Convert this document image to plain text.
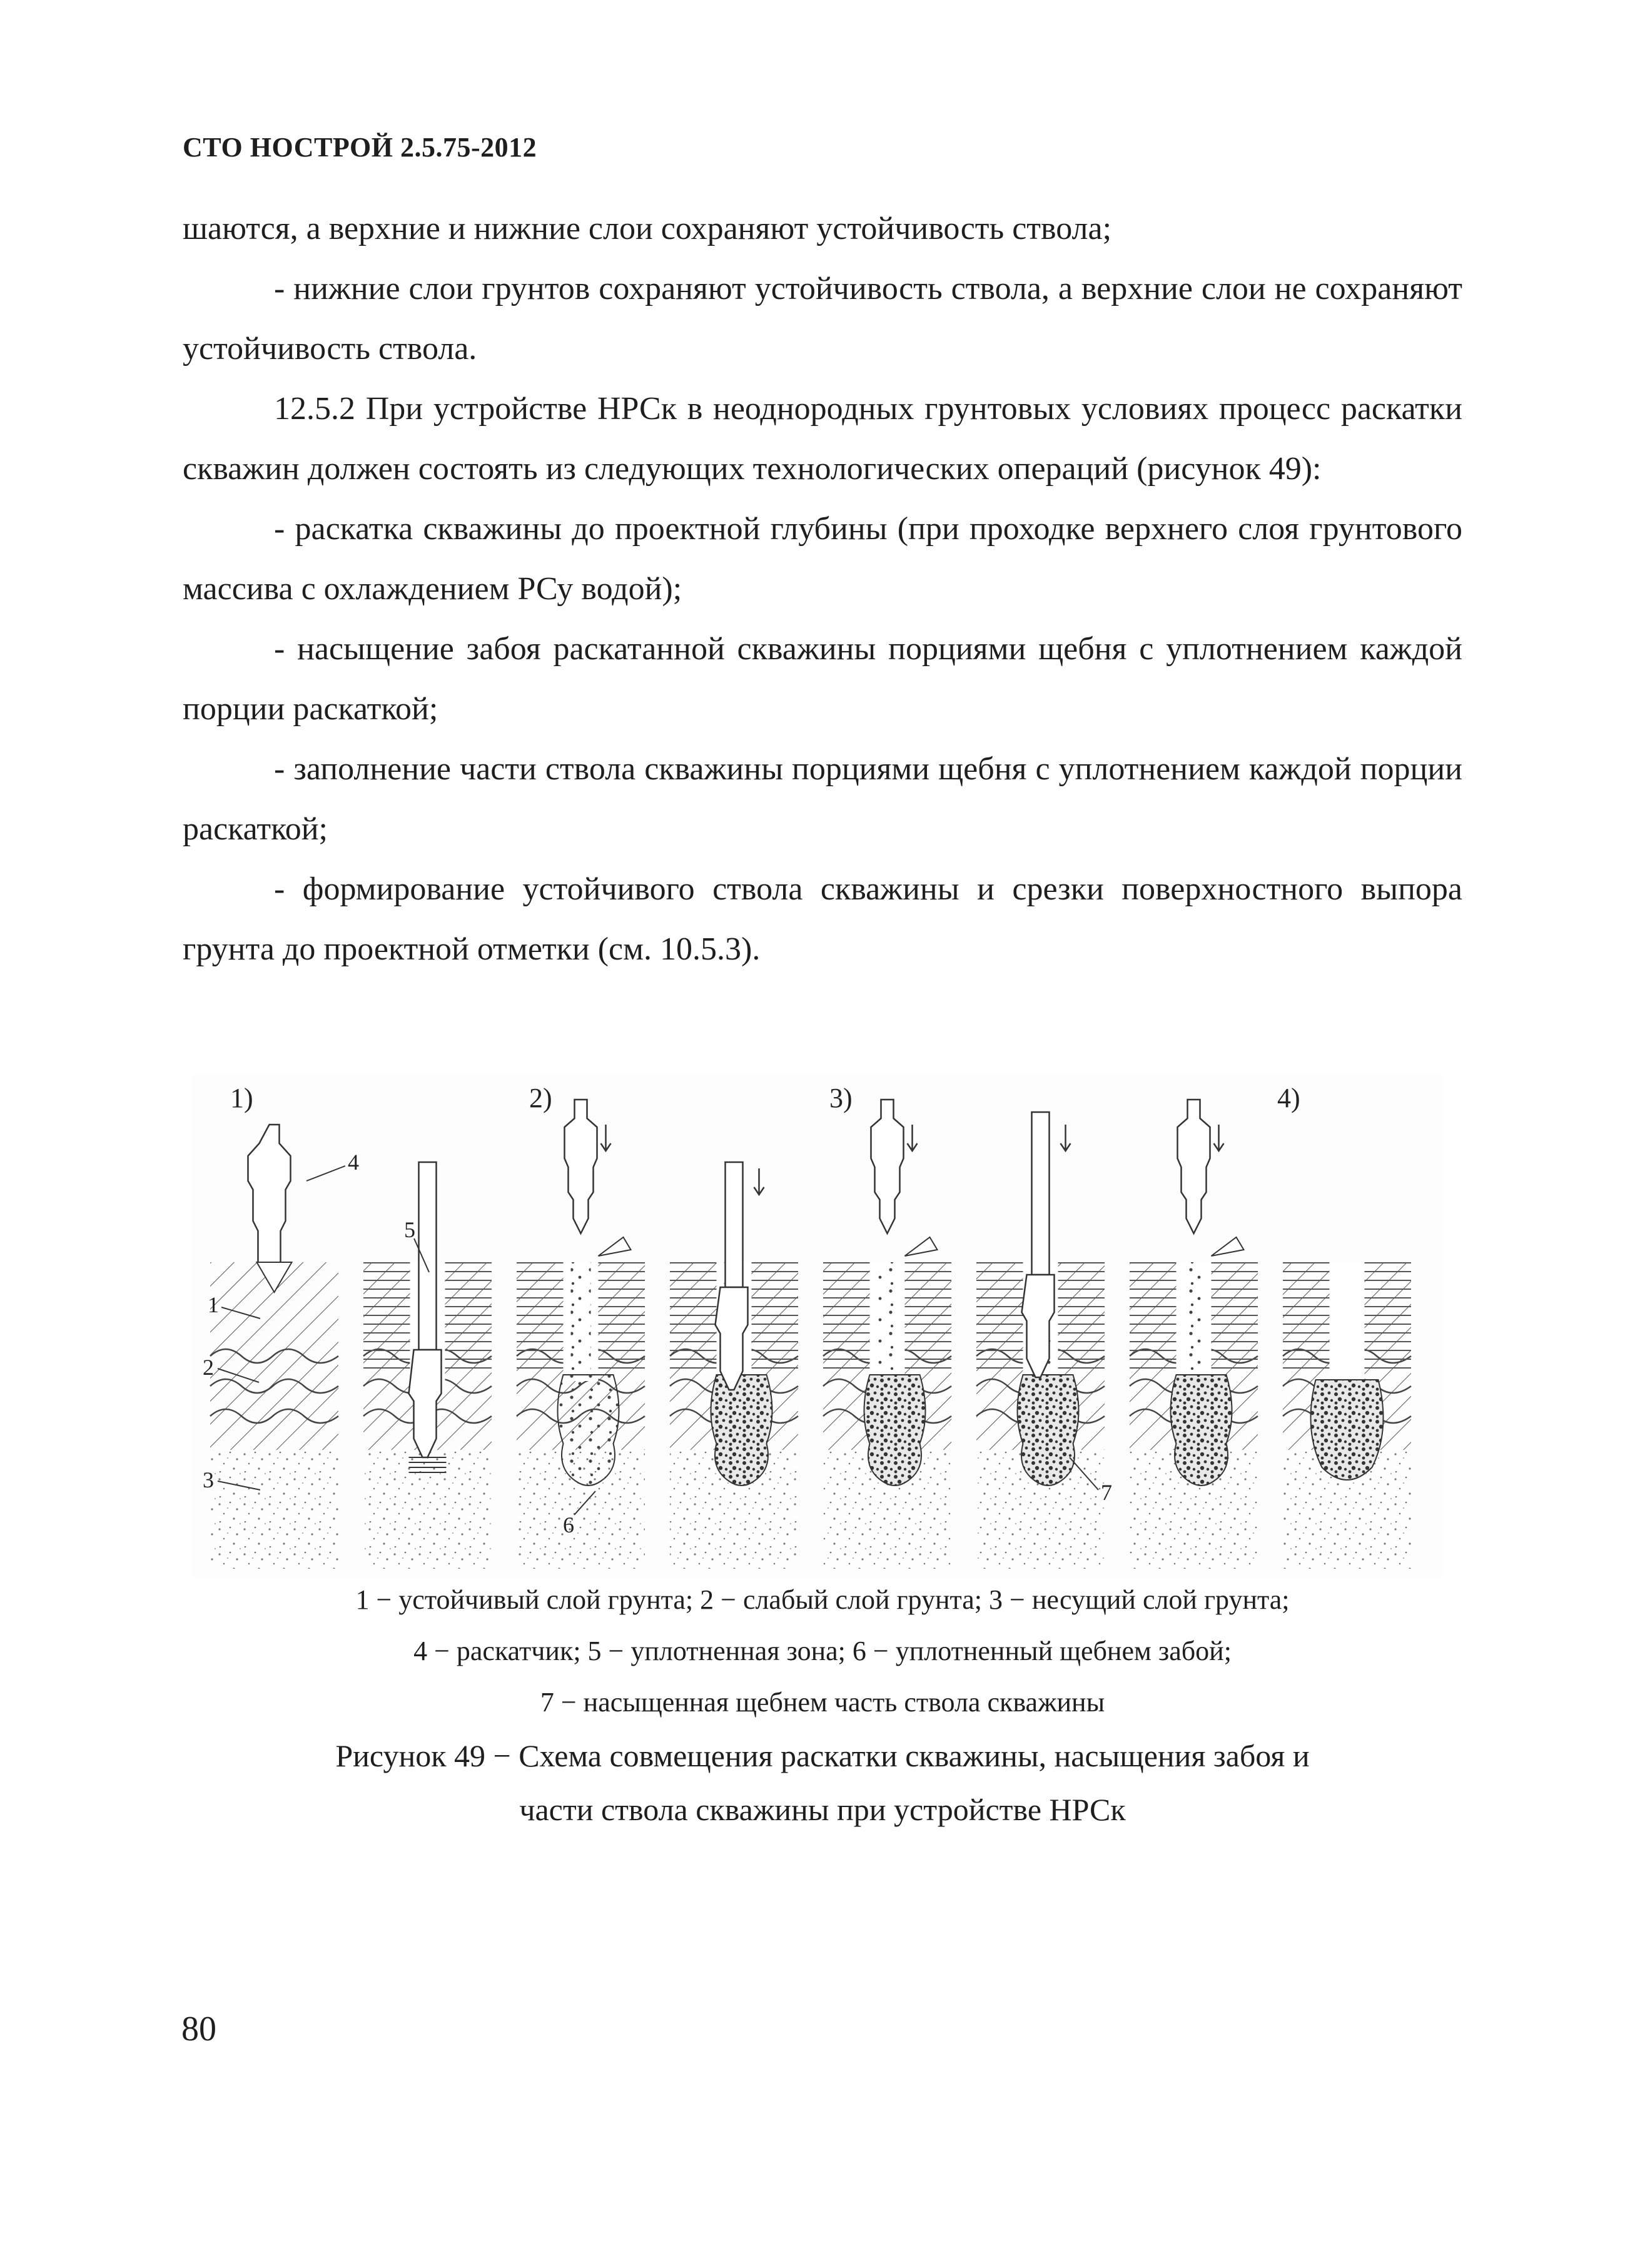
СТО НОСТРОЙ 2.5.75-2012

шаются, а верхние и нижние слои сохраняют устойчивость ствола;

- нижние слои грунтов сохраняют устойчивость ствола, а верхние слои не сохраняют устойчивость ствола.

12.5.2 При устройстве НРСк в неоднородных грунтовых условиях процесс раскатки скважин должен состоять из следующих технологических операций (рисунок 49):

- раскатка скважины до проектной глубины (при проходке верхнего слоя грунтового массива с охлаждением РСу водой);

- насыщение забоя раскатанной скважины порциями щебня с уплотнением каждой порции раскаткой;

- заполнение части ствола скважины порциями щебня с уплотнением каждой порции раскаткой;

- формирование устойчивого ствола скважины и срезки поверхностного выпора грунта до проектной отметки (см. 10.5.3).

1)	2)	3)	4)
1
2
3
4
5
6
7
1 − устойчивый слой грунта; 2 − слабый слой грунта; 3 − несущий слой грунта;
4 − раскатчик; 5 − уплотненная зона; 6 − уплотненный щебнем забой;
7 − насыщенная щебнем часть ствола скважины
Рисунок 49 − Схема совмещения раскатки скважины, насыщения забоя и
части ствола скважины при устройстве НРСк
80
